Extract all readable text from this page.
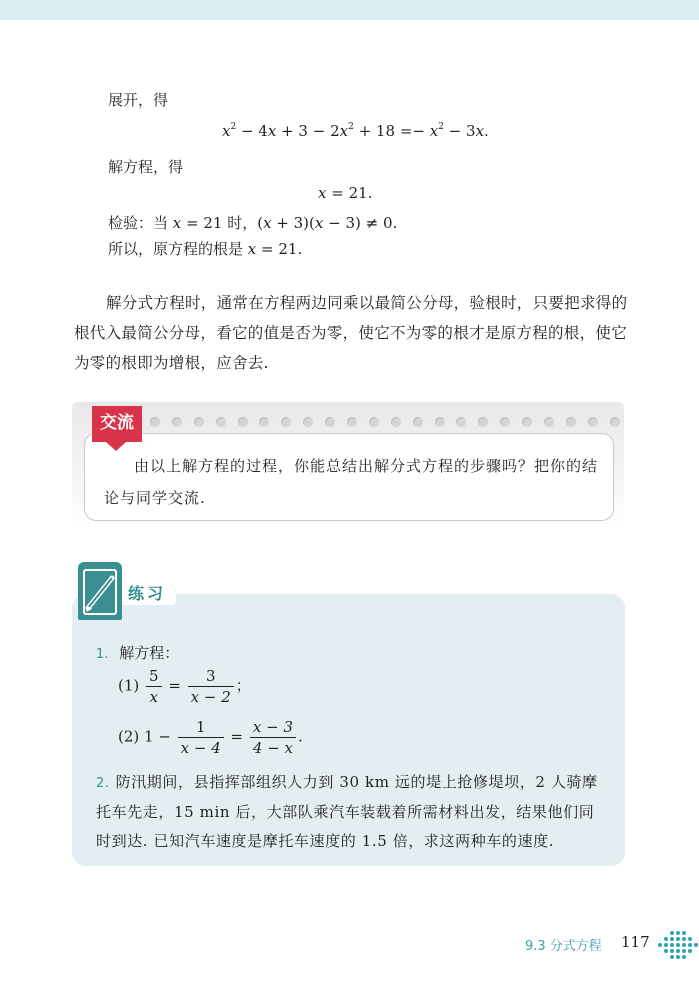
展开，得
$x^2 - 4x + 3 - 2x^2 + 18 =- x^2 - 3x$.
解方程，得
x = 21.
检验：当 x = 21 时，(x + 3)(x − 3) ≠ 0.
所以，原方程的根是 x = 21.
解分式方程时，通常在方程两边同乘以最简公分母，验根时，只要把求得的根代入最简公分母，看它的值是否为零，使它不为零的根才是原方程的根，使它为零的根即为增根，应舍去.
交流
由以上解方程的过程，你能总结出解分式方程的步骤吗？把你的结论与同学交流.
练习
1. 解方程：
$(1) \frac{5}{x} = \frac{3}{x - 2}$ ；
(2) $1 - \frac{1}{x - 4} = \frac{x - 3}{4 - x}$ .
2. 防汛期间，县指挥部组织人力到 30 km 远的堤上抢修堤坝，2 人骑摩托车先走，15 min 后，大部队乘汽车装载着所需材料出发，结果他们同时到达. 已知汽车速度是摩托车速度的 1.5 倍，求这两种车的速度.
9.3 分式方程 117
